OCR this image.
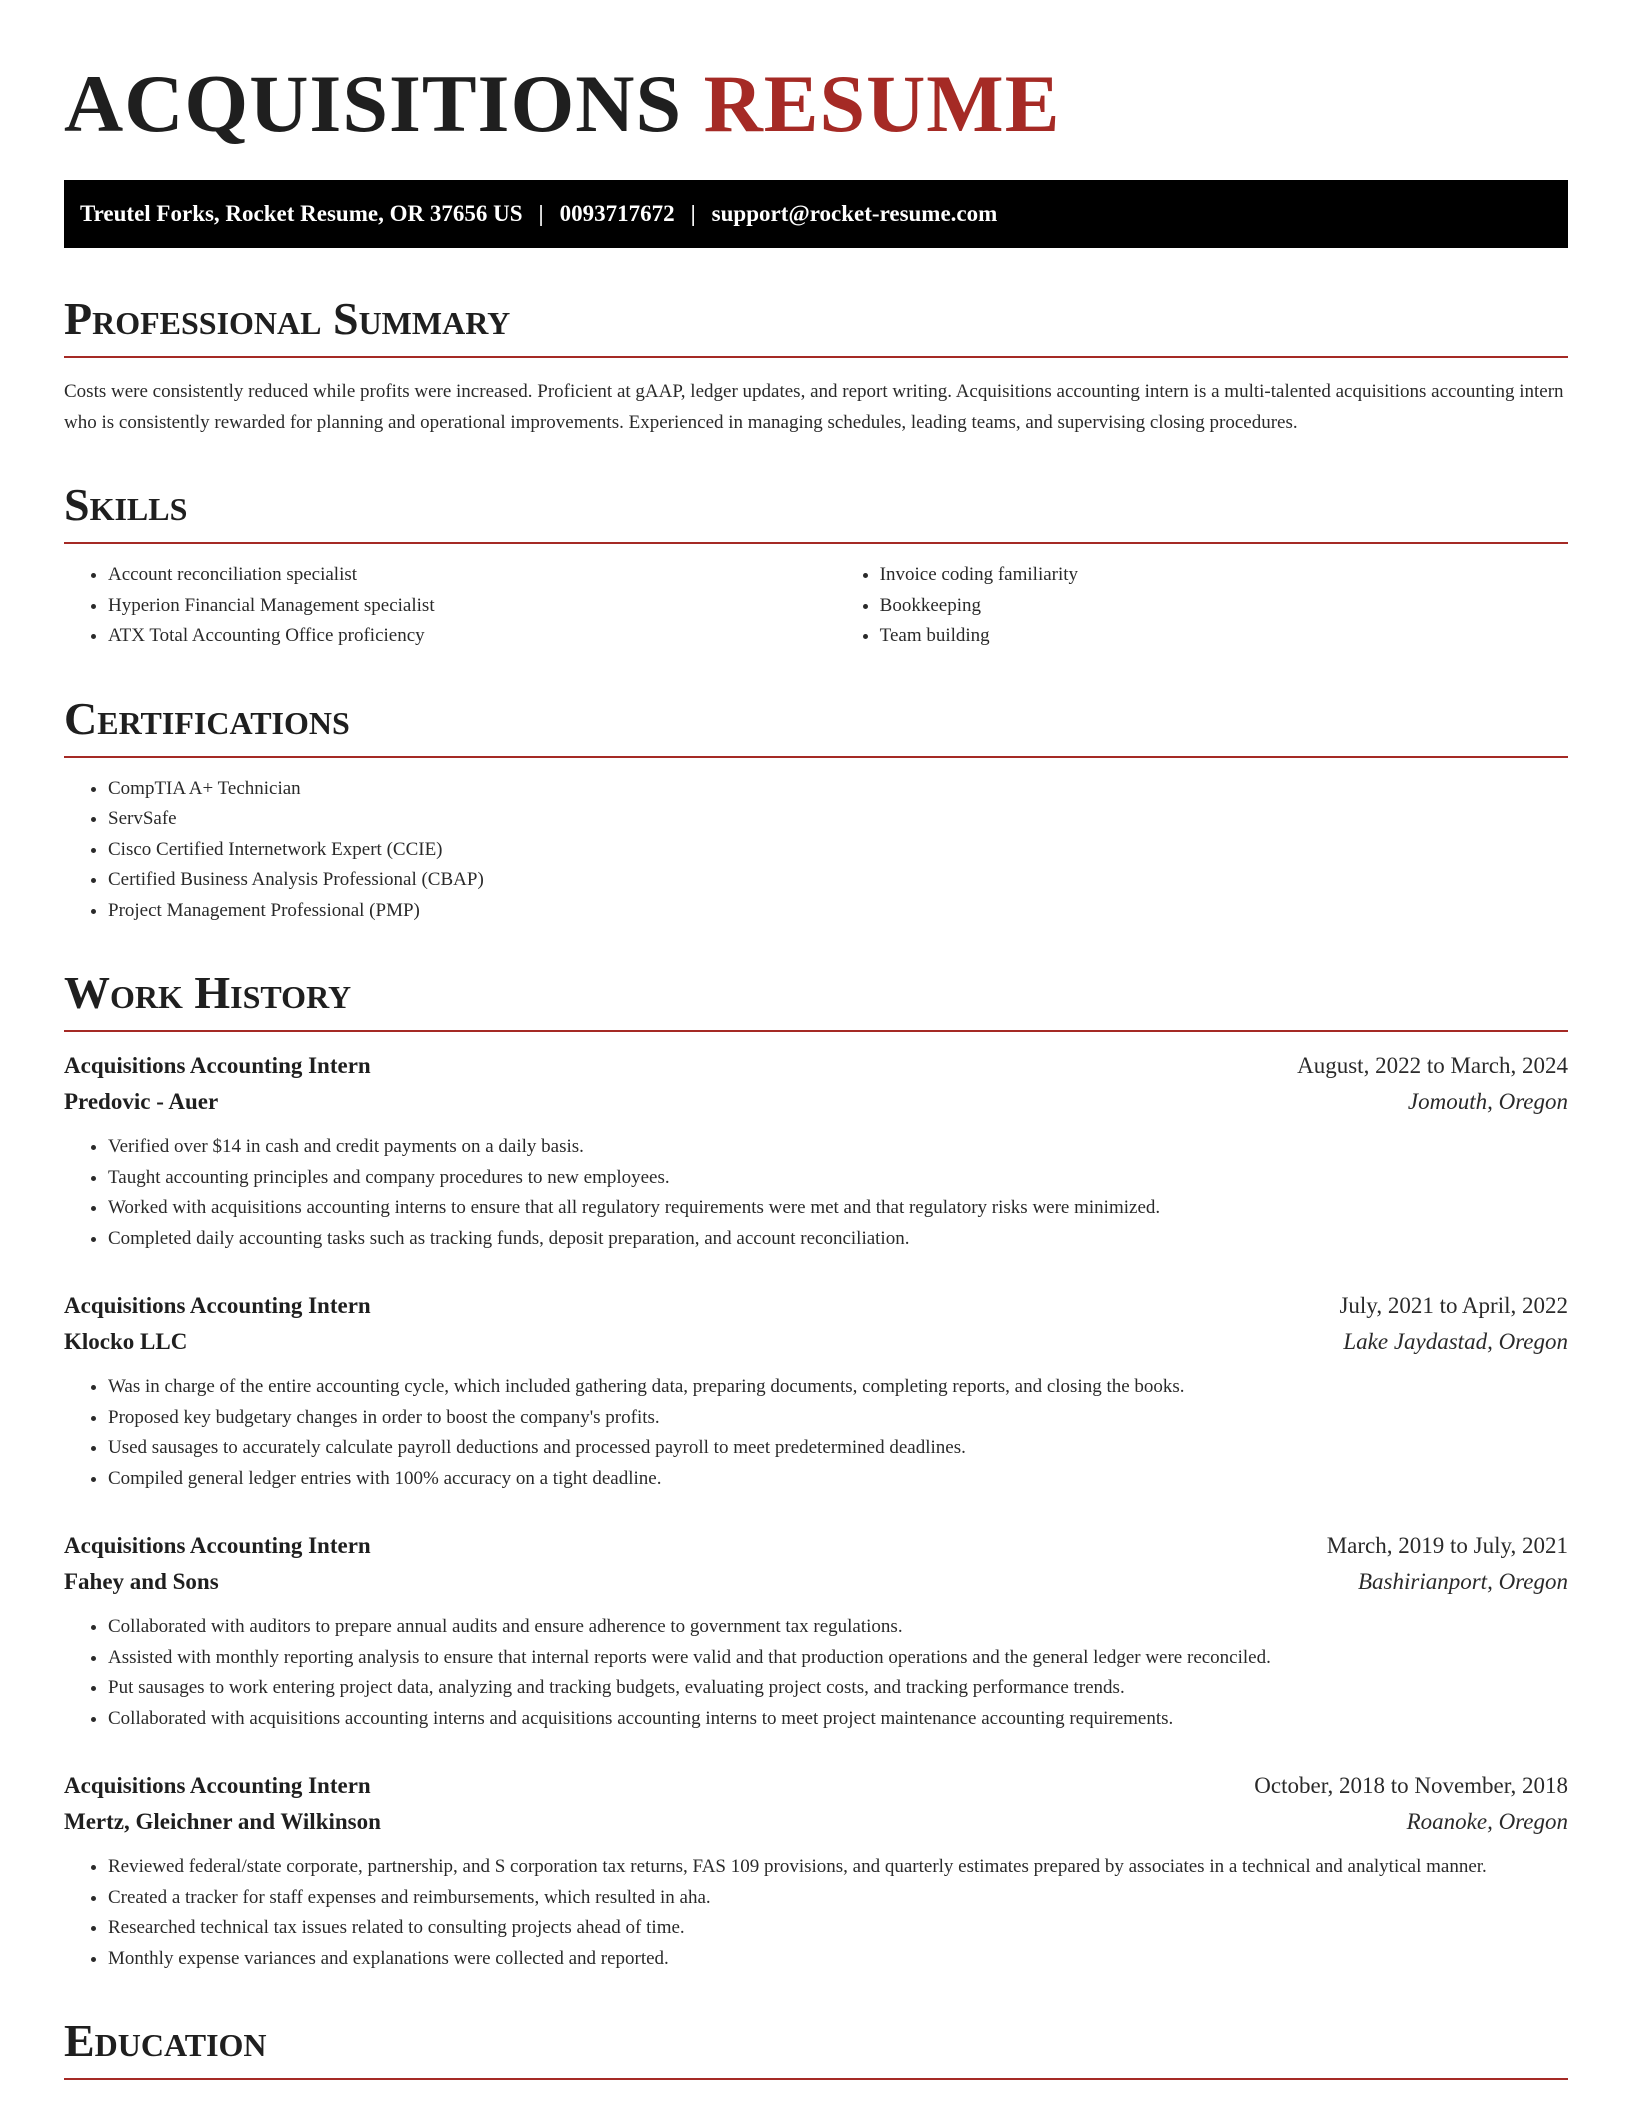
ACQUISITIONS RESUME
Treutel Forks, Rocket Resume, OR 37656 US | 0093717672 | support@rocket-resume.com
Professional Summary

Costs were consistently reduced while profits were increased. Proficient at gAAP, ledger updates, and report writing. Acquisitions accounting intern is a multi-talented acquisitions accounting intern who is consistently rewarded for planning and operational improvements. Experienced in managing schedules, leading teams, and supervising closing procedures.

Skills
• Account reconciliation specialist
• Hyperion Financial Management specialist
• ATX Total Accounting Office proficiency
• Invoice coding familiarity
• Bookkeeping
• Team building
Certifications
• CompTIA A+ Technician
• ServSafe
• Cisco Certified Internetwork Expert (CCIE)
• Certified Business Analysis Professional (CBAP)
• Project Management Professional (PMP)
Work History
Acquisitions Accounting Intern	August, 2022 to March, 2024
Predovic - Auer	Jomouth, Oregon
• Verified over $14 in cash and credit payments on a daily basis.
• Taught accounting principles and company procedures to new employees.
• Worked with acquisitions accounting interns to ensure that all regulatory requirements were met and that regulatory risks were minimized.
• Completed daily accounting tasks such as tracking funds, deposit preparation, and account reconciliation.
Acquisitions Accounting Intern	July, 2021 to April, 2022
Klocko LLC	Lake Jaydastad, Oregon
• Was in charge of the entire accounting cycle, which included gathering data, preparing documents, completing reports, and closing the books.
• Proposed key budgetary changes in order to boost the company's profits.
• Used sausages to accurately calculate payroll deductions and processed payroll to meet predetermined deadlines.
• Compiled general ledger entries with 100% accuracy on a tight deadline.
Acquisitions Accounting Intern	March, 2019 to July, 2021
Fahey and Sons	Bashirianport, Oregon
• Collaborated with auditors to prepare annual audits and ensure adherence to government tax regulations.
• Assisted with monthly reporting analysis to ensure that internal reports were valid and that production operations and the general ledger were reconciled.
• Put sausages to work entering project data, analyzing and tracking budgets, evaluating project costs, and tracking performance trends.
• Collaborated with acquisitions accounting interns and acquisitions accounting interns to meet project maintenance accounting requirements.
Acquisitions Accounting Intern	October, 2018 to November, 2018
Mertz, Gleichner and Wilkinson	Roanoke, Oregon
• Reviewed federal/state corporate, partnership, and S corporation tax returns, FAS 109 provisions, and quarterly estimates prepared by associates in a technical and analytical manner.
• Created a tracker for staff expenses and reimbursements, which resulted in aha.
• Researched technical tax issues related to consulting projects ahead of time.
• Monthly expense variances and explanations were collected and reported.
Education
